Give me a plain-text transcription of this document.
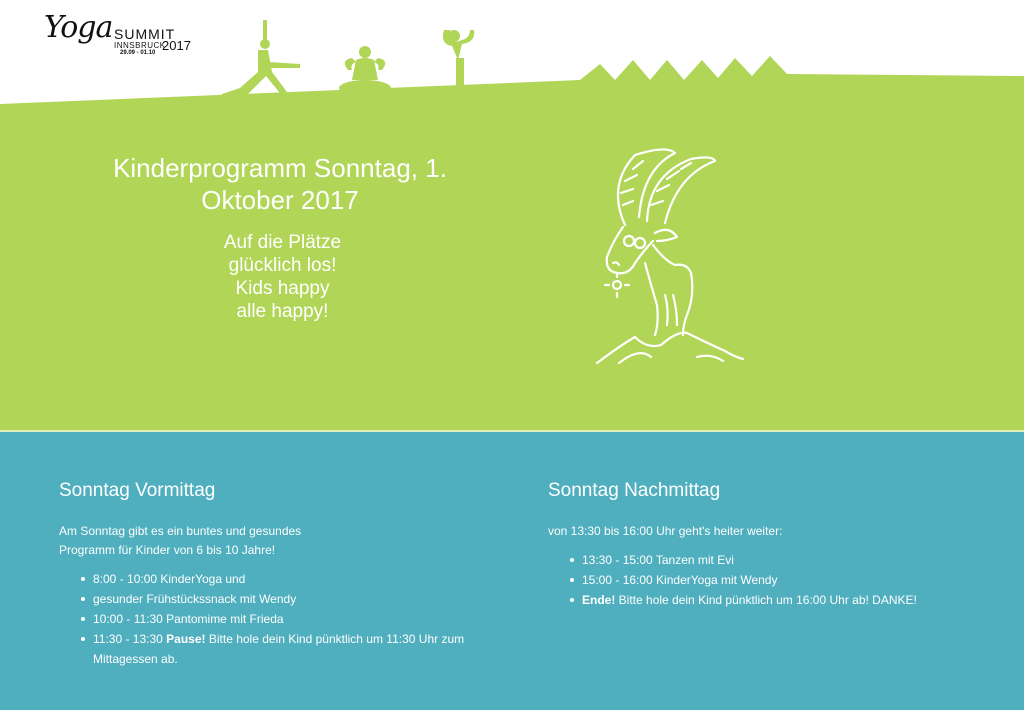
Yoga SUMMIT
INNSBRUCK
2017
29.09 - 01.10
Kinderprogramm Sonntag, 1. Oktober 2017
Auf die Plätze
glücklich los!
Kids happy
alle happy!
Sonntag Vormittag
Am Sonntag gibt es ein buntes und gesundes
Programm für Kinder von 6 bis 10 Jahre!
8:00 - 10:00 KinderYoga und
gesunder Frühstückssnack mit Wendy
10:00 - 11:30 Pantomime mit Frieda
11:30 - 13:30 Pause! Bitte hole dein Kind pünktlich um 11:30 Uhr zum Mittagessen ab.
Sonntag Nachmittag
von 13:30 bis 16:00 Uhr geht's heiter weiter:
13:30 - 15:00 Tanzen mit Evi
15:00 - 16:00 KinderYoga mit Wendy
Ende! Bitte hole dein Kind pünktlich um 16:00 Uhr ab! DANKE!
